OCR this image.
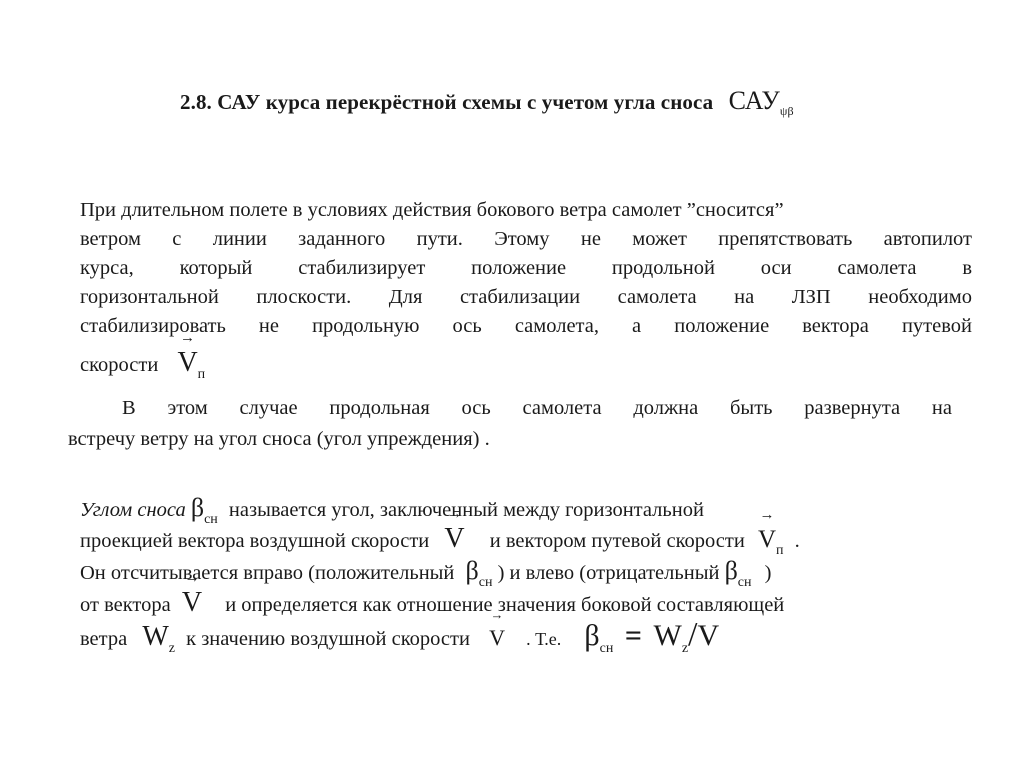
2.8. САУ курса перекрёстной схемы с учетом угла сноса $САУ_{\psi\beta}$
При длительном полете в условиях действия бокового ветра самолет ”сносится”
ветром с линии заданного пути. Этому не может препятствовать автопилот
курса, который стабилизирует положение продольной оси самолета в
горизонтальной плоскости. Для стабилизации самолета на ЛЗП необходимо
стабилизировать не продольную ось самолета, а положение вектора путевой
скорости → $V_п$
В этом случае продольная ось самолета должна быть развернута на
встречу ветру на угол сноса (угол упреждения) .
Углом сноса $\beta_{сн}$ называется угол, заключенный между горизонтальной
проекцией вектора воздушной скорости → V и вектором путевой скорости → $V_п$ .
Он отсчитывается вправо (положительный $\beta_{сн}$ ) и влево (отрицательный $\beta_{сн}$ )
от вектора → V и определяется как отношение значения боковой составляющей
ветра $W_z$ к значению воздушной скорости → V . Т.е. $\beta_{сн} = W_z/V$
